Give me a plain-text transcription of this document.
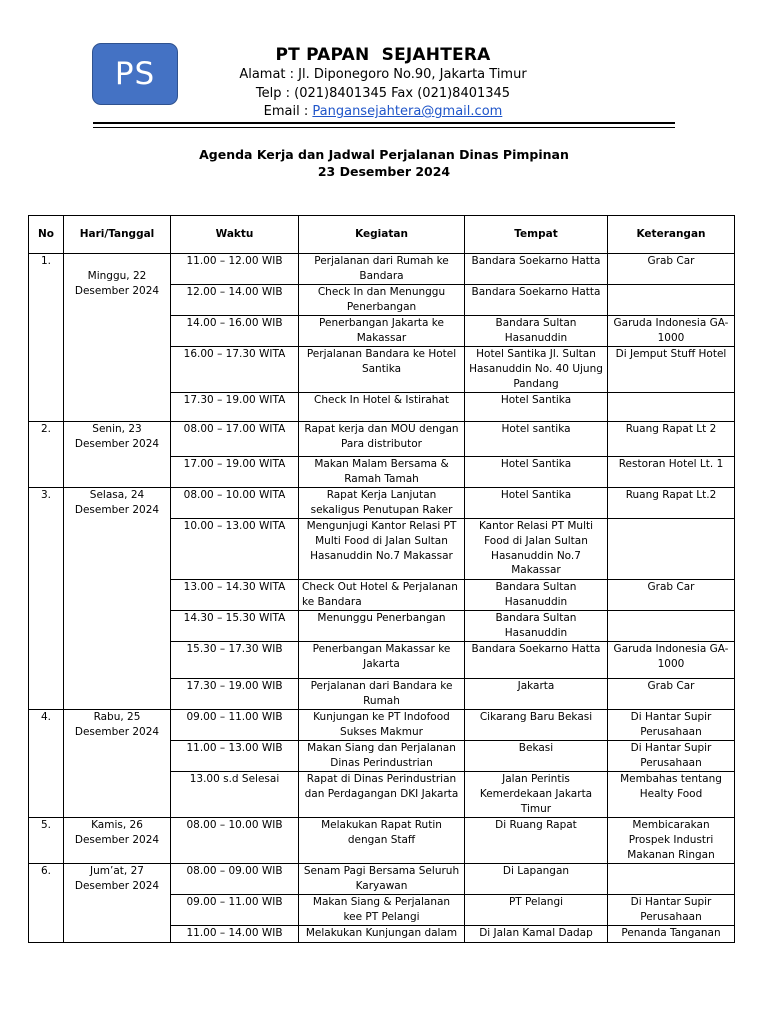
PS
PT PAPAN  SEJAHTERA
Alamat : Jl. Diponegoro No.90, Jakarta Timur
Telp : (021)8401345 Fax (021)8401345
Email : Pangansejahtera@gmail.com
Agenda Kerja dan Jadwal Perjalanan Dinas Pimpinan
23 Desember 2024
No	Hari/Tanggal	Waktu	Kegiatan	Tempat	Keterangan
1.	Minggu, 22 Desember 2024	11.00 – 12.00 WIB	Perjalanan dari Rumah ke Bandara	Bandara Soekarno Hatta	Grab Car
		12.00 – 14.00 WIB	Check In dan Menunggu Penerbangan	Bandara Soekarno Hatta	
		14.00 – 16.00 WIB	Penerbangan Jakarta ke Makassar	Bandara Sultan Hasanuddin	Garuda Indonesia GA-1000
		16.00 – 17.30 WITA	Perjalanan Bandara ke Hotel Santika	Hotel Santika Jl. Sultan Hasanuddin No. 40 Ujung Pandang	Di Jemput Stuff Hotel
		17.30 – 19.00 WITA	Check In Hotel & Istirahat	Hotel Santika	
2.	Senin, 23 Desember 2024	08.00 – 17.00 WITA	Rapat kerja dan MOU dengan Para distributor	Hotel santika	Ruang Rapat Lt 2
		17.00 – 19.00 WITA	Makan Malam Bersama & Ramah Tamah	Hotel Santika	Restoran Hotel Lt. 1
3.	Selasa, 24 Desember 2024	08.00 – 10.00 WITA	Rapat Kerja Lanjutan sekaligus Penutupan Raker	Hotel Santika	Ruang Rapat Lt.2
		10.00 – 13.00 WITA	Mengunjugi Kantor Relasi PT Multi Food di Jalan Sultan Hasanuddin No.7 Makassar	Kantor Relasi PT Multi Food di Jalan Sultan Hasanuddin No.7 Makassar	
		13.00 – 14.30 WITA	Check Out Hotel & Perjalanan ke Bandara	Bandara Sultan Hasanuddin	Grab Car
		14.30 – 15.30 WITA	Menunggu Penerbangan	Bandara Sultan Hasanuddin	
		15.30 – 17.30 WIB	Penerbangan Makassar ke Jakarta	Bandara Soekarno Hatta	Garuda Indonesia GA-1000
		17.30 – 19.00 WIB	Perjalanan dari Bandara ke Rumah	Jakarta	Grab Car
4.	Rabu, 25 Desember 2024	09.00 – 11.00 WIB	Kunjungan ke PT Indofood Sukses Makmur	Cikarang Baru Bekasi	Di Hantar Supir Perusahaan
		11.00 – 13.00 WIB	Makan Siang dan Perjalanan Dinas Perindustrian	Bekasi	Di Hantar Supir Perusahaan
		13.00 s.d Selesai	Rapat di Dinas Perindustrian dan Perdagangan DKI Jakarta	Jalan Perintis Kemerdekaan Jakarta Timur	Membahas tentang Healty Food
5.	Kamis, 26 Desember 2024	08.00 – 10.00 WIB	Melakukan Rapat Rutin dengan Staff	Di Ruang Rapat	Membicarakan Prospek Industri Makanan Ringan
6.	Jum’at, 27 Desember 2024	08.00 – 09.00 WIB	Senam Pagi Bersama Seluruh Karyawan	Di Lapangan	
		09.00 – 11.00 WIB	Makan Siang & Perjalanan kee PT Pelangi	PT Pelangi	Di Hantar Supir Perusahaan
		11.00 – 14.00 WIB	Melakukan Kunjungan dalam	Di Jalan Kamal Dadap	Penanda Tanganan
